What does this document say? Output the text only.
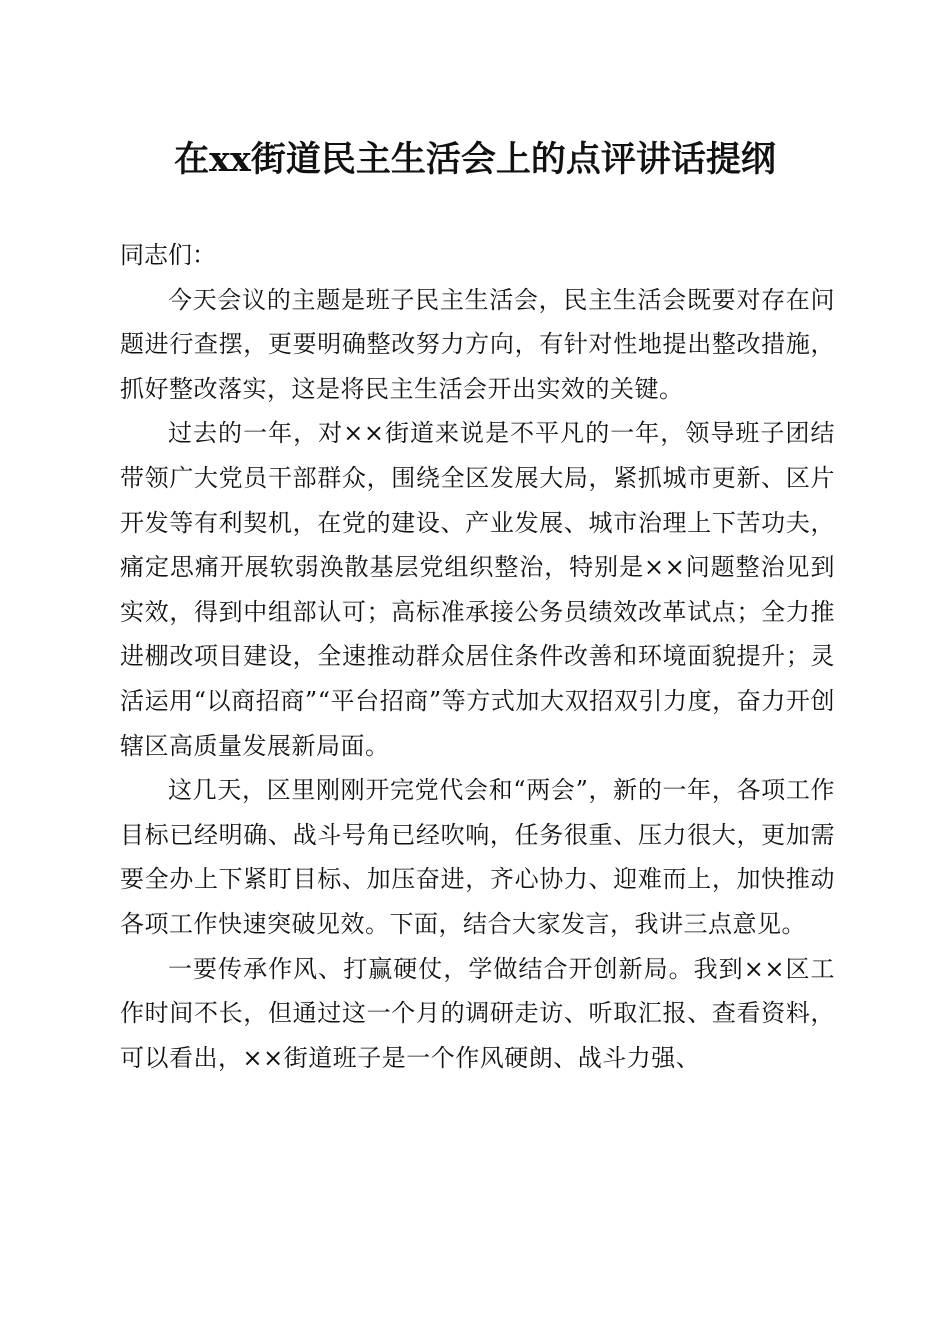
在xx街道民主生活会上的点评讲话提纲

同志们：

今天会议的主题是班子民主生活会，民主生活会既要对存在问题进行查摆，更要明确整改努力方向，有针对性地提出整改措施，抓好整改落实，这是将民主生活会开出实效的关键。

过去的一年，对××街道来说是不平凡的一年，领导班子团结带领广大党员干部群众，围绕全区发展大局，紧抓城市更新、区片开发等有利契机，在党的建设、产业发展、城市治理上下苦功夫，痛定思痛开展软弱涣散基层党组织整治，特别是××问题整治见到实效，得到中组部认可；高标准承接公务员绩效改革试点；全力推进棚改项目建设，全速推动群众居住条件改善和环境面貌提升；灵活运用“以商招商”“平台招商”等方式加大双招双引力度，奋力开创辖区高质量发展新局面。

这几天，区里刚刚开完党代会和“两会”，新的一年，各项工作目标已经明确、战斗号角已经吹响，任务很重、压力很大，更加需要全办上下紧盯目标、加压奋进，齐心协力、迎难而上，加快推动各项工作快速突破见效。下面，结合大家发言，我讲三点意见。

一要传承作风、打赢硬仗，学做结合开创新局。我到××区工作时间不长，但通过这一个月的调研走访、听取汇报、查看资料，可以看出，××街道班子是一个作风硬朗、战斗力强、
